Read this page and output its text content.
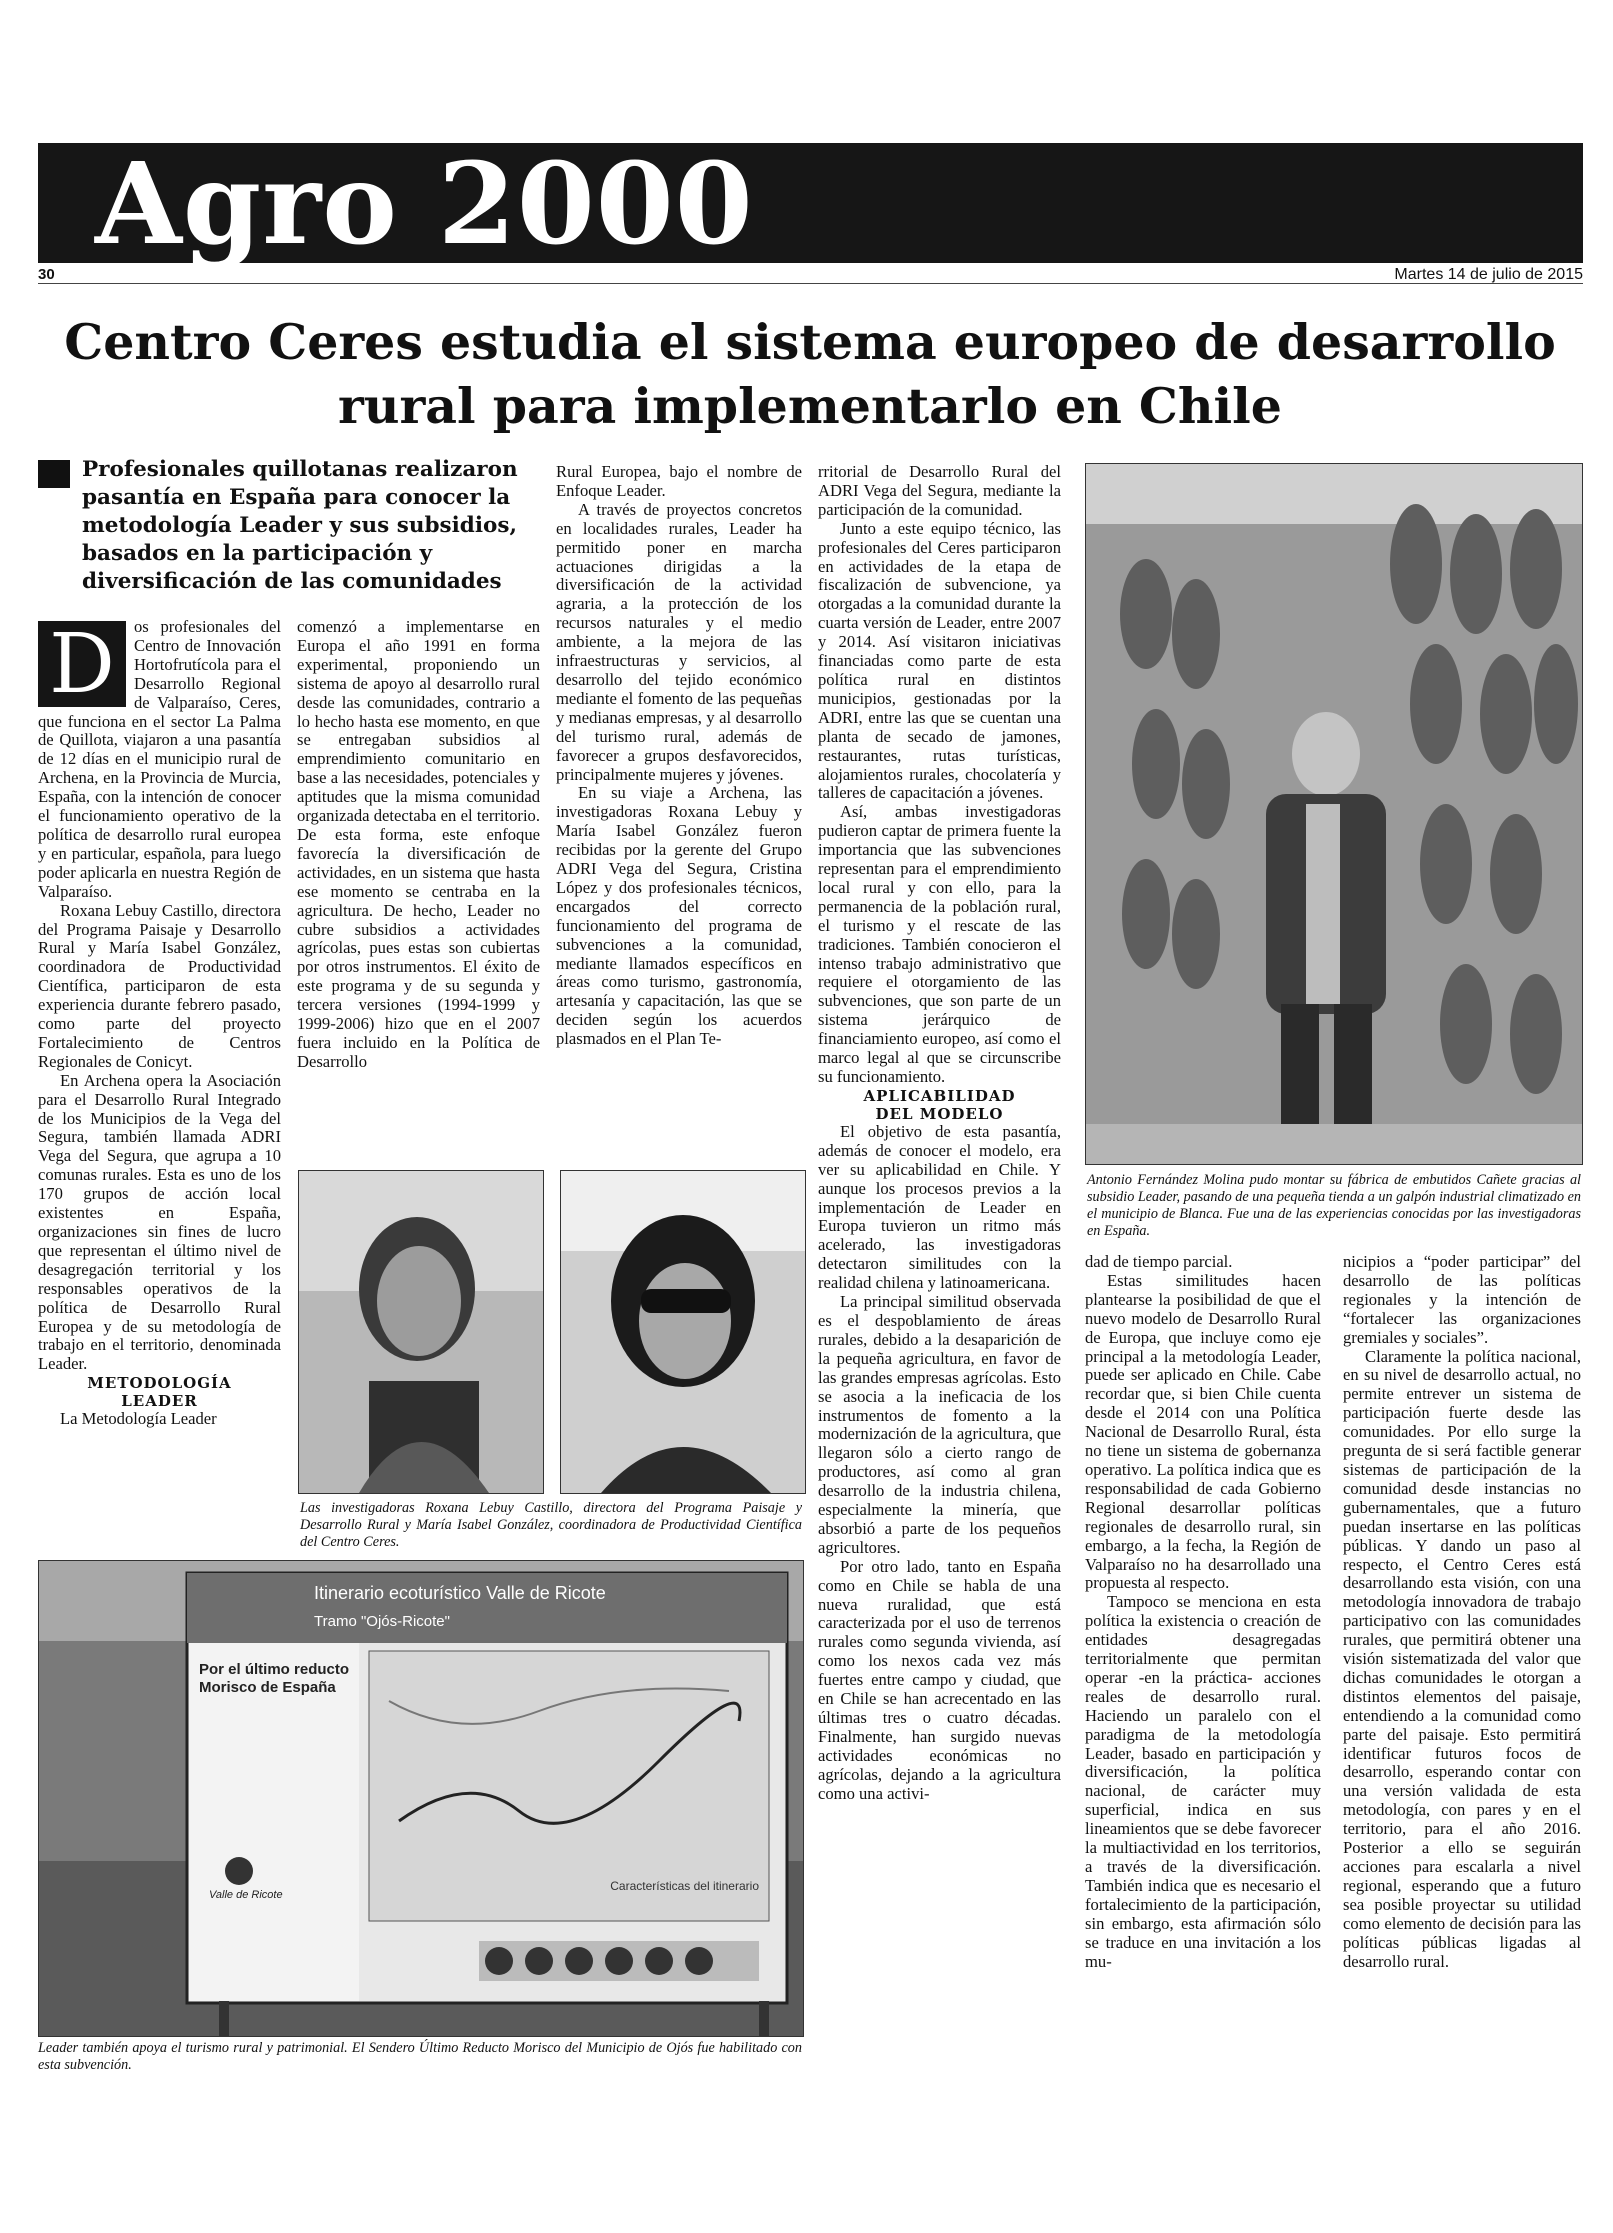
Agro 2000
30	Martes 14 de julio de 2015
Centro Ceres estudia el sistema europeo de desarrollo rural para implementarlo en Chile
Profesionales quillotanas realizaron pasantía en España para conocer la metodología Leader y sus subsidios, basados en la participación y diversificación de las comunidades
D	os profesionales del Centro de Innovación Hortofrutícola para el Desarrollo Regional de Valparaíso, Ceres, que funciona en el sector La Palma de Quillota, viajaron a una pasantía de 12 días en el municipio rural de Archena, en la Provincia de Murcia, España, con la intención de conocer el funcionamiento operativo de la política de desarrollo rural europea y en particular, española, para luego poder aplicarla en nuestra Región de Valparaíso.

Roxana Lebuy Castillo, directora del Programa Paisaje y Desarrollo Rural y María Isabel González, coordinadora de Productividad Científica, participaron de esta experiencia durante febrero pasado, como parte del proyecto Fortalecimiento de Centros Regionales de Conicyt.

En Archena opera la Asociación para el Desarrollo Rural Integrado de los Municipios de la Vega del Segura, también llamada ADRI Vega del Segura, que agrupa a 10 comunas rurales. Esta es uno de los 170 grupos de acción local existentes en España, organizaciones sin fines de lucro que representan el último nivel de desagregación territorial y los responsables operativos de la política de Desarrollo Rural Europea y de su metodología de trabajo en el territorio, denominada Leader.

METODOLOGÍA

LEADER

La Metodología Leader

comenzó a implementarse en Europa el año 1991 en forma experimental, proponiendo un sistema de apoyo al desarrollo rural desde las comunidades, contrario a lo hecho hasta ese momento, en que se entregaban subsidios al emprendimiento comunitario en base a las necesidades, potenciales y aptitudes que la misma comunidad organizada detectaba en el territorio. De esta forma, este enfoque favorecía la diversificación de actividades, en un sistema que hasta ese momento se centraba en la agricultura. De hecho, Leader no cubre subsidios a actividades agrícolas, pues estas son cubiertas por otros instrumentos. El éxito de este programa y de su segunda y tercera versiones (1994-1999 y 1999-2006) hizo que en el 2007 fuera incluido en la Política de Desarrollo

Rural Europea, bajo el nombre de Enfoque Leader.

A través de proyectos concretos en localidades rurales, Leader ha permitido poner en marcha actuaciones dirigidas a la diversificación de la actividad agraria, a la protección de los recursos naturales y el medio ambiente, a la mejora de las infraestructuras y servicios, al desarrollo del tejido económico mediante el fomento de las pequeñas y medianas empresas, y al desarrollo del turismo rural, además de favorecer a grupos desfavorecidos, principalmente mujeres y jóvenes.

En su viaje a Archena, las investigadoras Roxana Lebuy y María Isabel González fueron recibidas por la gerente del Grupo ADRI Vega del Segura, Cristina López y dos profesionales técnicos, encargados del correcto funcionamiento del programa de subvenciones a la comunidad, mediante llamados específicos en áreas como turismo, gastronomía, artesanía y capacitación, las que se deciden según los acuerdos plasmados en el Plan Te-

Las investigadoras Roxana Lebuy Castillo, directora del Programa Paisaje y Desarrollo Rural y María Isabel González, coordinadora de Productividad Científica del Centro Ceres.

rritorial de Desarrollo Rural del ADRI Vega del Segura, mediante la participación de la comunidad.

Junto a este equipo técnico, las profesionales del Ceres participaron en actividades de la etapa de fiscalización de subvencione, ya otorgadas a la comunidad durante la cuarta versión de Leader, entre 2007 y 2014. Así visitaron iniciativas financiadas como parte de esta política rural en distintos municipios, gestionadas por la ADRI, entre las que se cuentan una planta de secado de jamones, restaurantes, rutas turísticas, alojamientos rurales, chocolatería y talleres de capacitación a jóvenes.

Así, ambas investigadoras pudieron captar de primera fuente la importancia que las subvenciones representan para el emprendimiento local rural y con ello, para la permanencia de la población rural, el turismo y el rescate de las tradiciones. También conocieron el intenso trabajo administrativo que requiere el otorgamiento de las subvenciones, que son parte de un sistema jerárquico de financiamiento europeo, así como el marco legal al que se circunscribe su funcionamiento.

APLICABILIDAD

DEL MODELO

El objetivo de esta pasantía, además de conocer el modelo, era ver su aplicabilidad en Chile. Y aunque los procesos previos a la implementación de Leader en Europa tuvieron un ritmo más acelerado, las investigadoras detectaron similitudes con la realidad chilena y latinoamericana.

La principal similitud observada es el despoblamiento de áreas rurales, debido a la desaparición de la pequeña agricultura, en favor de las grandes empresas agrícolas. Esto se asocia a la ineficacia de los instrumentos de fomento a la modernización de la agricultura, que llegaron sólo a cierto rango de productores, así como al gran desarrollo de la industria chilena, especialmente la minería, que absorbió a parte de los pequeños agricultores.

Por otro lado, tanto en España como en Chile se habla de una nueva ruralidad, que está caracterizada por el uso de terrenos rurales como segunda vivienda, así como los nexos cada vez más fuertes entre campo y ciudad, que en Chile se han acrecentado en las últimas tres o cuatro décadas. Finalmente, han surgido nuevas actividades económicas no agrícolas, dejando a la agricultura como una activi-

Antonio Fernández Molina pudo montar su fábrica de embutidos Cañete gracias al subsidio Leader, pasando de una pequeña tienda a un galpón industrial climatizado en el municipio de Blanca. Fue una de las experiencias conocidas por las investigadoras en España.

dad de tiempo parcial.

Estas similitudes hacen plantearse la posibilidad de que el nuevo modelo de Desarrollo Rural de Europa, que incluye como eje principal a la metodología Leader, puede ser aplicado en Chile. Cabe recordar que, si bien Chile cuenta desde el 2014 con una Política Nacional de Desarrollo Rural, ésta no tiene un sistema de gobernanza operativo. La política indica que es responsabilidad de cada Gobierno Regional desarrollar políticas regionales de desarrollo rural, sin embargo, a la fecha, la Región de Valparaíso no ha desarrollado una propuesta al respecto.

Tampoco se menciona en esta política la existencia o creación de entidades desagregadas territorialmente que permitan operar -en la práctica- acciones reales de desarrollo rural. Haciendo un paralelo con el paradigma de la metodología Leader, basado en participación y diversificación, la política nacional, de carácter muy superficial, indica en sus lineamientos que se debe favorecer la multiactividad en los territorios, a través de la diversificación. También indica que es necesario el fortalecimiento de la participación, sin embargo, esta afirmación sólo se traduce en una invitación a los mu-

nicipios a “poder participar” del desarrollo de las políticas regionales y la intención de “fortalecer las organizaciones gremiales y sociales”.

Claramente la política nacional, en su nivel de desarrollo actual, no permite entrever un sistema de participación fuerte desde las comunidades. Por ello surge la pregunta de si será factible generar sistemas de participación de la comunidad desde instancias no gubernamentales, que a futuro puedan insertarse en las políticas públicas. Y dando un paso al respecto, el Centro Ceres está desarrollando esta visión, con una metodología innovadora de trabajo participativo con las comunidades rurales, que permitirá obtener una visión sistematizada del valor que dichas comunidades le otorgan a distintos elementos del paisaje, entendiendo a la comunidad como parte del paisaje. Esto permitirá identificar futuros focos de desarrollo, esperando contar con una versión validada de esta metodología, con pares y en el territorio, para el año 2016. Posterior a ello se seguirán acciones para escalarla a nivel regional, esperando que a futuro sea posible proyectar su utilidad como elemento de decisión para las políticas públicas ligadas al desarrollo rural.

Itinerario ecoturístico Valle de Ricote
Tramo "Ojós-Ricote"
Por el último reducto Morisco de España
Características del itinerario
Valle de Ricote
Leader también apoya el turismo rural y patrimonial. El Sendero Último Reducto Morisco del Municipio de Ojós fue habilitado con esta subvención.
